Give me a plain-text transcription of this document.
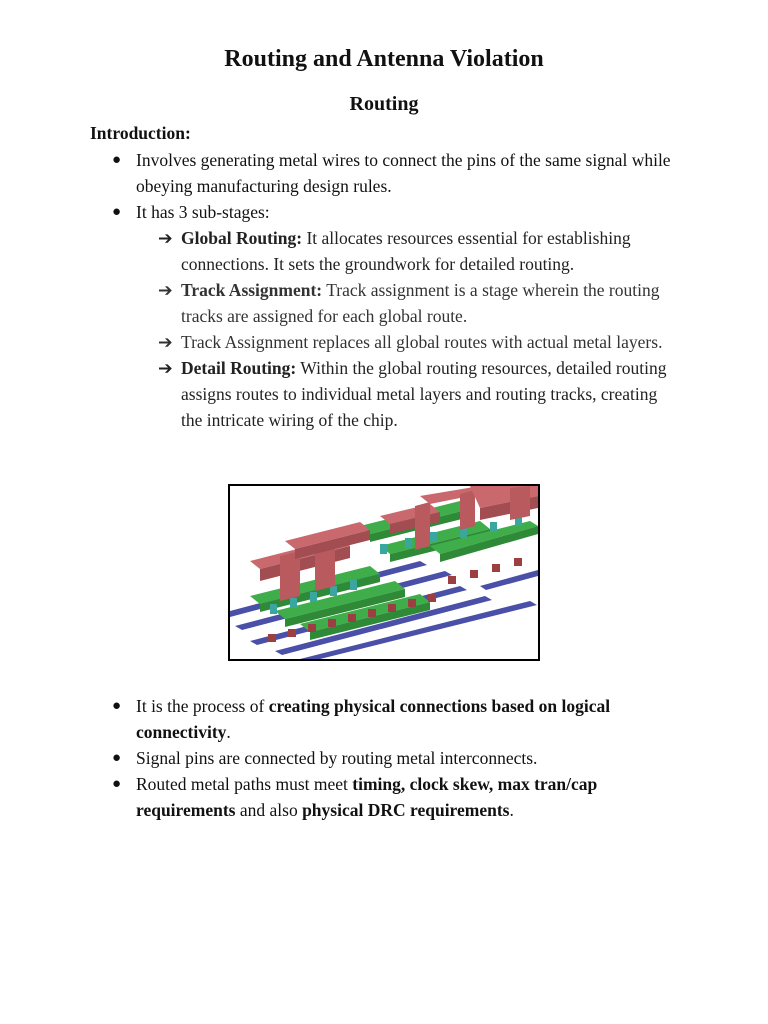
Routing and Antenna Violation
Routing
Introduction:
● Involves generating metal wires to connect the pins of the same signal while obeying manufacturing design rules.
● It has 3 sub-stages:
➔ Global Routing: It allocates resources essential for establishing connections. It sets the groundwork for detailed routing.
➔ Track Assignment: Track assignment is a stage wherein the routing tracks are assigned for each global route.
➔ Track Assignment replaces all global routes with actual metal layers.
➔ Detail Routing: Within the global routing resources, detailed routing assigns routes to individual metal layers and routing tracks, creating the intricate wiring of the chip.
● It is the process of creating physical connections based on logical connectivity.
● Signal pins are connected by routing metal interconnects.
● Routed metal paths must meet timing, clock skew, max tran/cap requirements and also physical DRC requirements.
